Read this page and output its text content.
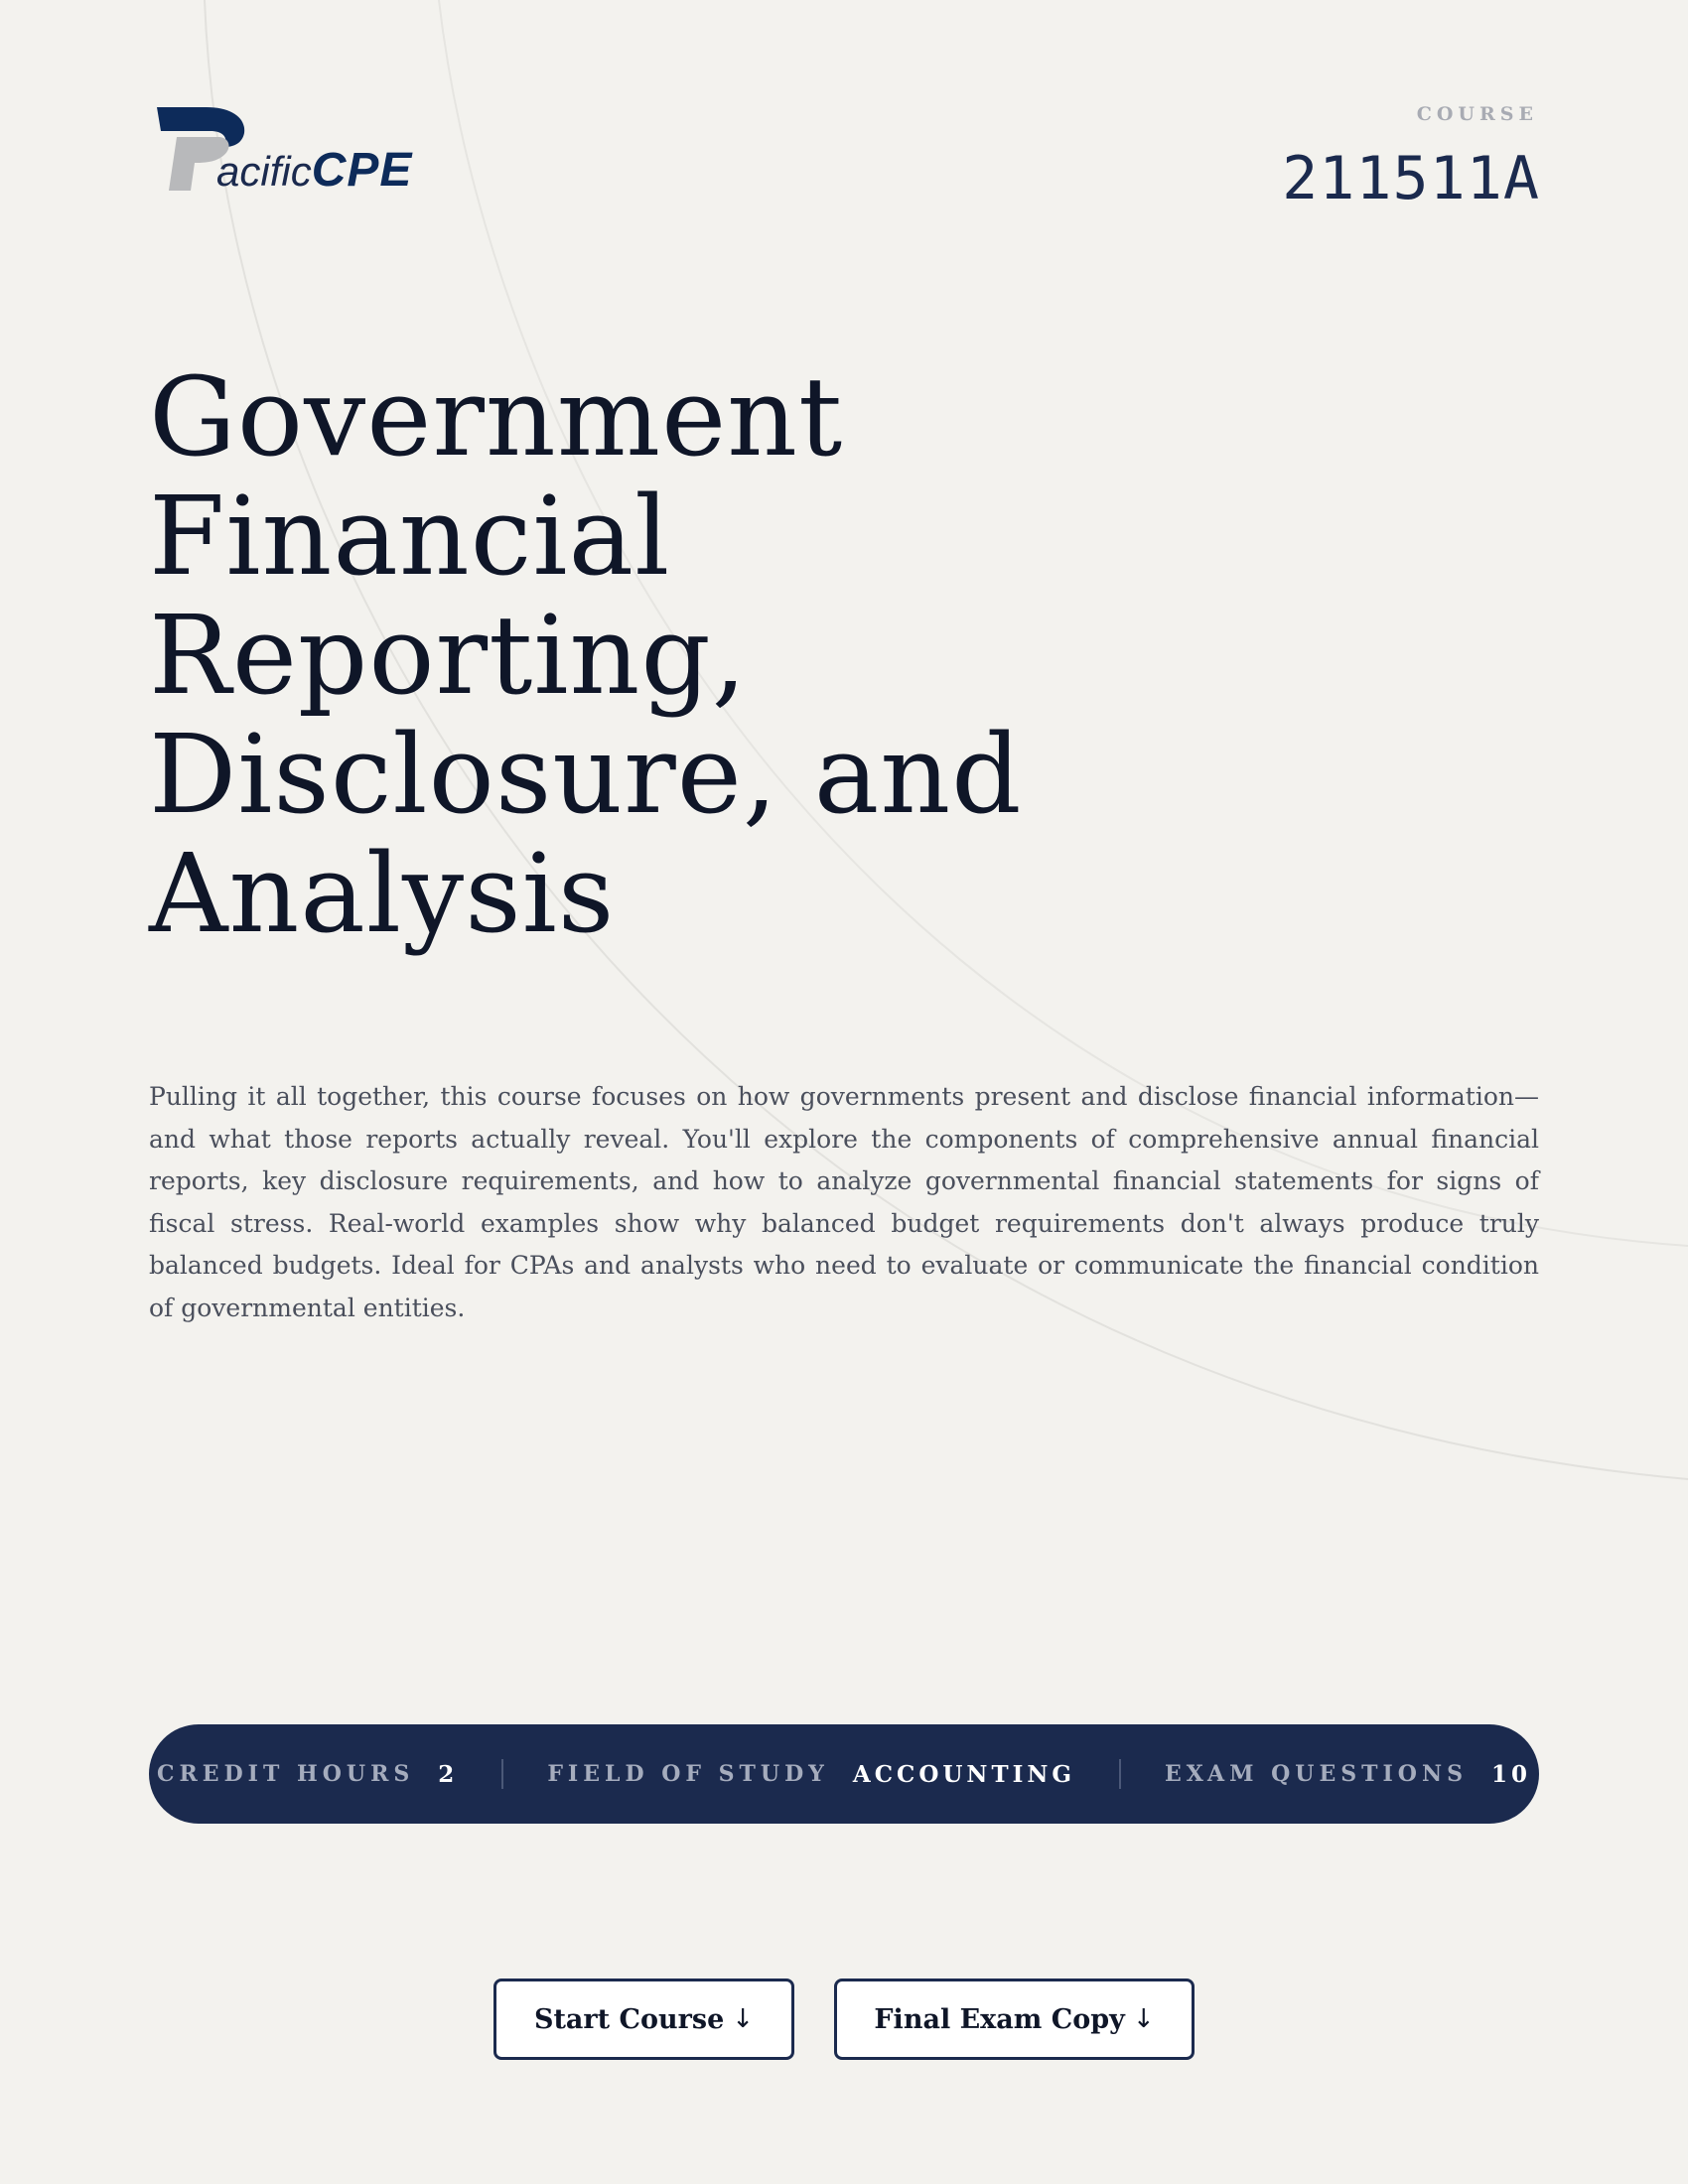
acificCPE
COURSE
211511A
Government
Financial
Reporting,
Disclosure, and
Analysis

Pulling it all together, this course focuses on how governments present and disclose financial information—and what those reports actually reveal. You'll explore the components of comprehensive annual financial reports, key disclosure requirements, and how to analyze governmental financial statements for signs of fiscal stress. Real-world examples show why balanced budget requirements don't always produce truly balanced budgets. Ideal for CPAs and analysts who need to evaluate or communicate the financial condition of governmental entities.

CREDIT HOURS 2	FIELD OF STUDY ACCOUNTING	EXAM QUESTIONS 10
Start Course ↓	Final Exam Copy ↓
